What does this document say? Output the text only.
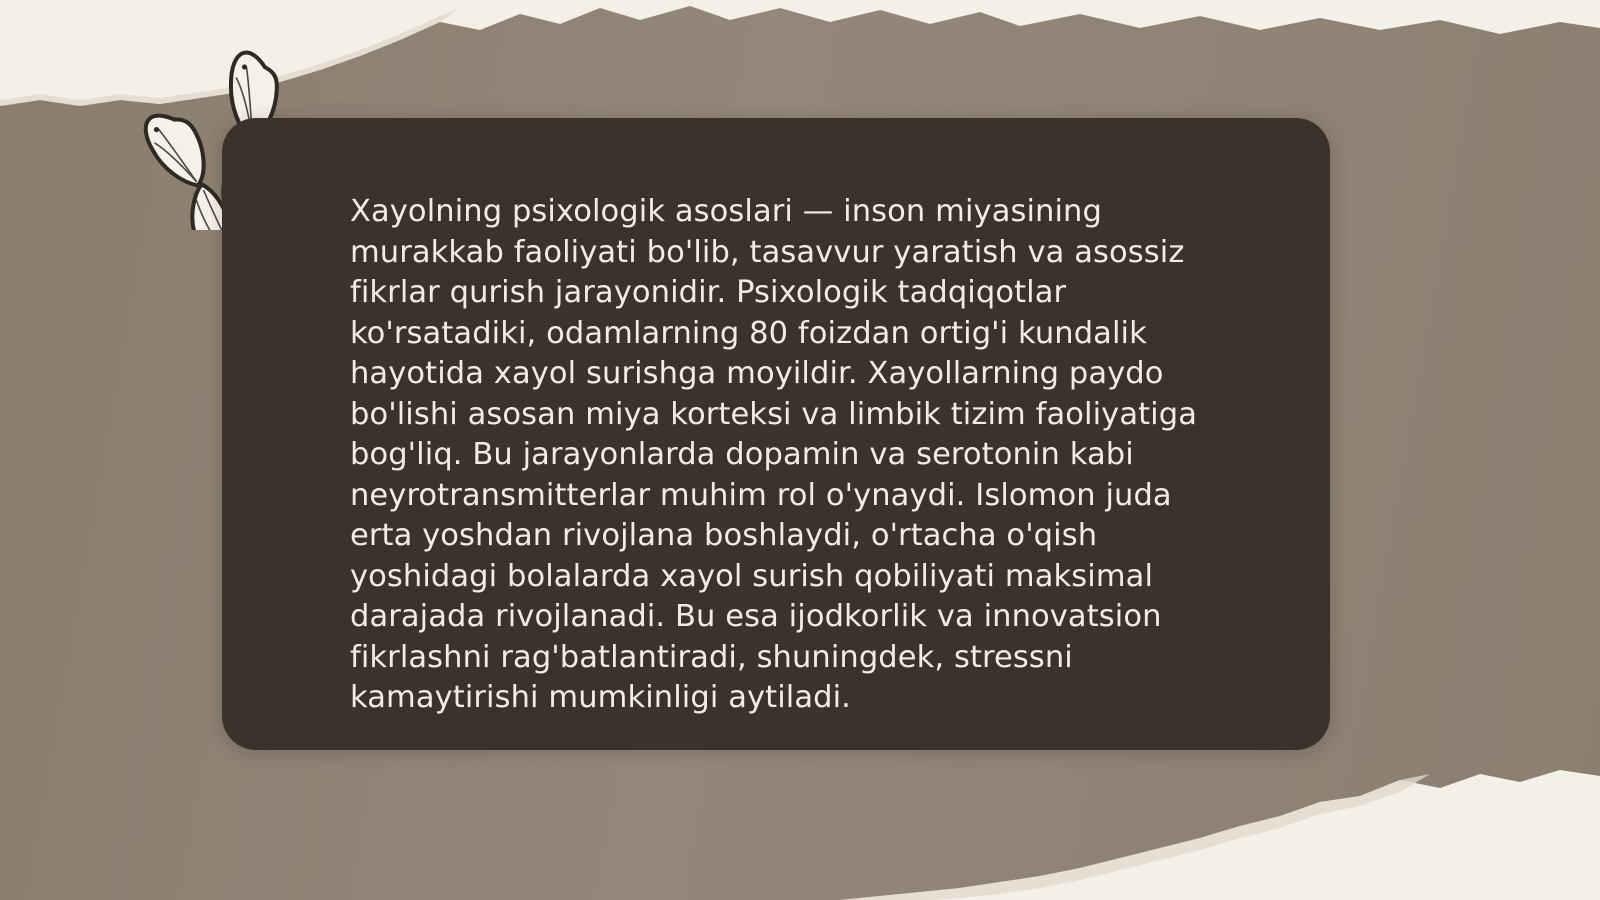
Xayolning psixologik asoslari — inson miyasining murakkab faoliyati bo'lib, tasavvur yaratish va asossiz fikrlar qurish jarayonidir. Psixologik tadqiqotlar ko'rsatadiki, odamlarning 80 foizdan ortig'i kundalik hayotida xayol surishga moyildir. Xayollarning paydo bo'lishi asosan miya korteksi va limbik tizim faoliyatiga bog'liq. Bu jarayonlarda dopamin va serotonin kabi neyrotransmitterlar muhim rol o'ynaydi. Islomon juda erta yoshdan rivojlana boshlaydi, o'rtacha o'qish yoshidagi bolalarda xayol surish qobiliyati maksimal darajada rivojlanadi. Bu esa ijodkorlik va innovatsion fikrlashni rag'batlantiradi, shuningdek, stressni kamaytirishi mumkinligi aytiladi.
